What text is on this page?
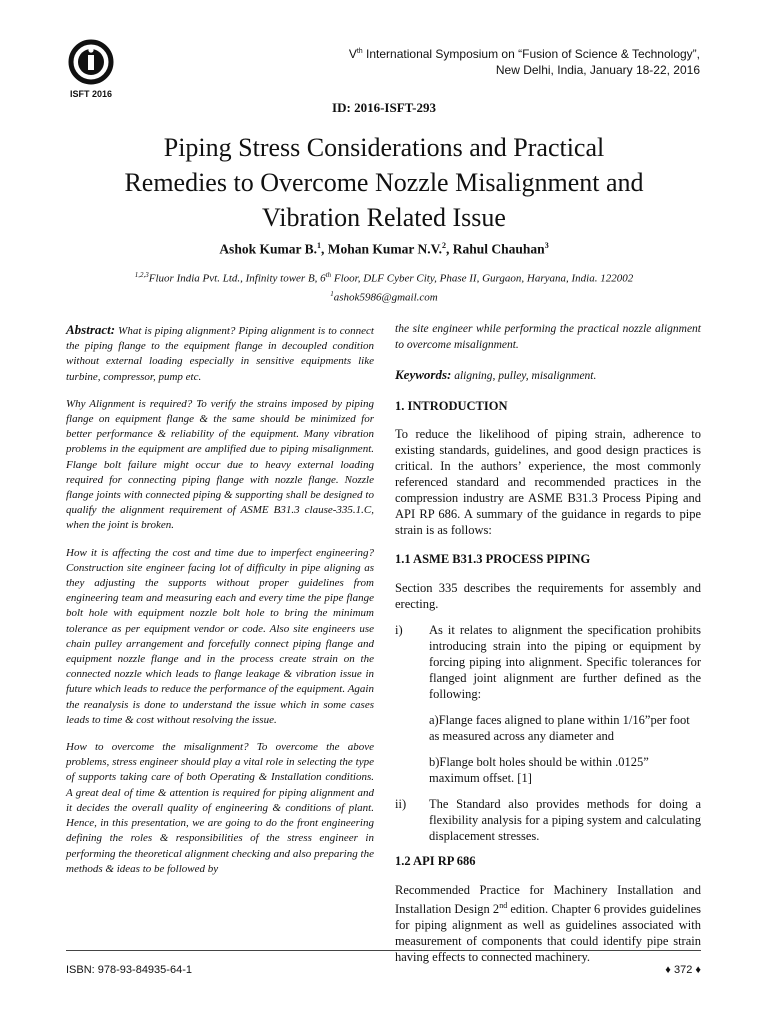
ISFT 2016
Vth International Symposium on “Fusion of Science & Technology”,
New Delhi, India, January 18-22, 2016
ID: 2016-ISFT-293
Piping Stress Considerations and Practical Remedies to Overcome Nozzle Misalignment and Vibration Related Issue
Ashok Kumar B.$^1$, Mohan Kumar N.V.$^2$, Rahul Chauhan$^3$
$^{1,2,3}$Fluor India Pvt. Ltd., Infinity tower B, 6th Floor, DLF Cyber City, Phase II, Gurgaon, Haryana, India. 122002
$^1$ashok5986@gmail.com

Abstract: What is piping alignment? Piping alignment is to connect the piping flange to the equipment flange in decoupled condition without external loading especially in sensitive equipments like turbine, compressor, pump etc.

Why Alignment is required? To verify the strains imposed by piping flange on equipment flange & the same should be minimized for better performance & reliability of the equipment. Many vibration problems in the equipment are amplified due to piping misalignment. Flange bolt failure might occur due to heavy external loading required for connecting piping flange with nozzle flange. Nozzle flange joints with connected piping & supporting shall be designed to qualify the alignment requirement of ASME B31.3 clause-335.1.C, when the joint is broken.

How it is affecting the cost and time due to imperfect engineering? Construction site engineer facing lot of difficulty in pipe aligning as they adjusting the supports without proper guidelines from engineering team and measuring each and every time the pipe flange bolt hole with equipment nozzle bolt hole to bring the minimum tolerance as per equipment vendor or code. Also site engineers use chain pulley arrangement and forcefully connect piping flange and equipment nozzle flange and in the process create strain on the connected nozzle which leads to flange leakage & vibration issue in future which leads to reduce the performance of the equipment. Again the reanalysis is done to understand the issue which in some cases leads to time & cost without resolving the issue.

How to overcome the misalignment? To overcome the above problems, stress engineer should play a vital role in selecting the type of supports taking care of both Operating & Installation conditions. A great deal of time & attention is required for piping alignment and it decides the overall quality of engineering & conditions of plant. Hence, in this presentation, we are going to do the front engineering defining the roles & responsibilities of the stress engineer in performing the theoretical alignment checking and also preparing the methods & ideas to be followed by

the site engineer while performing the practical nozzle alignment to overcome misalignment.

Keywords: aligning, pulley, misalignment.

1. INTRODUCTION

To reduce the likelihood of piping strain, adherence to existing standards, guidelines, and good design practices is critical. In the authors’ experience, the most commonly referenced standard and recommended practices in the compression industry are ASME B31.3 Process Piping and API RP 686. A summary of the guidance in regards to pipe strain is as follows:

1.1 ASME B31.3 PROCESS PIPING

Section 335 describes the requirements for assembly and erecting.

i)	As it relates to alignment the specification prohibits introducing strain into the piping or equipment by forcing piping into alignment. Specific tolerances for flanged joint alignment are further defined as the following:
a)Flange faces aligned to plane within 1/16”per foot as measured across any diameter and
b)Flange bolt holes should be within .0125” maximum offset. [1]
ii)	The Standard also provides methods for doing a flexibility analysis for a piping system and calculating displacement stresses.
1.2 API RP 686

Recommended Practice for Machinery Installation and Installation Design 2nd edition. Chapter 6 provides guidelines for piping alignment as well as guidelines associated with measurement of components that could identify pipe strain having effects to connected machinery.

ISBN: 978-93-84935-64-1	♦ 372 ♦
